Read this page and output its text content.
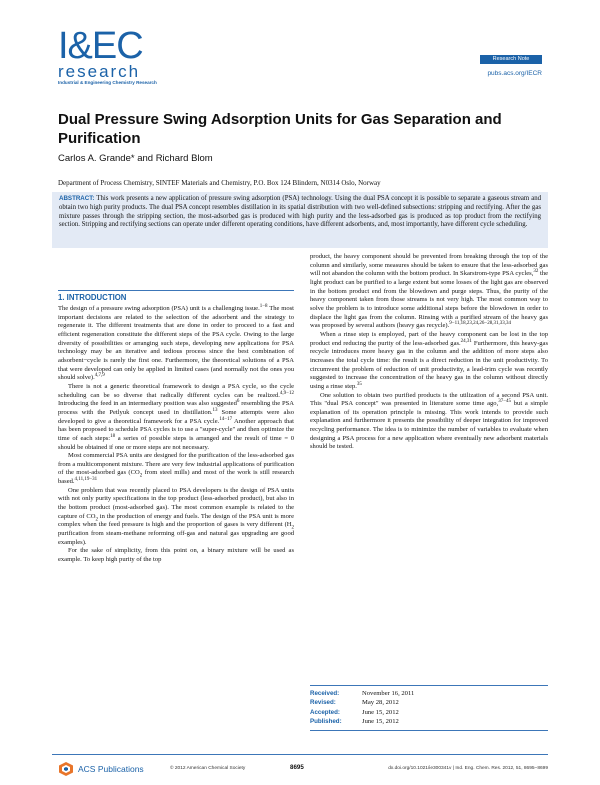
I&EC
research
Industrial & Engineering Chemistry Research
Research Note
pubs.acs.org/IECR
Dual Pressure Swing Adsorption Units for Gas Separation and Purification
Carlos A. Grande* and Richard Blom
Department of Process Chemistry, SINTEF Materials and Chemistry, P.O. Box 124 Blindern, N0314 Oslo, Norway
ABSTRACT: This work presents a new application of pressure swing adsorption (PSA) technology. Using the dual PSA concept it is possible to separate a gaseous stream and obtain two high purity products. The dual PSA concept resembles distillation in its spatial distribution with two well-defined subsections: stripping and rectifying. After the gas mixture passes through the stripping section, the most-adsorbed gas is produced with high purity and the less-adsorbed gas is produced as top product from the rectifying section. Stripping and rectifying sections can operate under different operating conditions, have different adsorbents, and, most importantly, have different cycle scheduling.
1. INTRODUCTION

The design of a pressure swing adsorption (PSA) unit is a challenging issue.$^{1-8}$ The most important decisions are related to the selection of the adsorbent and the strategy to regenerate it. The different treatments that are done in order to proceed to a fast and efficient regeneration constitute the different steps of the PSA cycle. Owing to the large diversity of possibilities or arranging such steps, developing new applications for PSA technology may be an iterative and tedious process since the best combination of adsorbent−cycle is rarely the first one. Furthermore, the theoretical solutions of a PSA that were developed can only be applied in limited cases (and normally not the ones you should solve).$^{4,7,9}$

There is not a generic theoretical framework to design a PSA cycle, so the cycle scheduling can be so diverse that radically different cycles can be realized.$^{4,9-12}$ Introducing the feed in an intermediary position was also suggested$^6$ resembling the PSA process with the Petlyuk concept used in distillation.$^{13}$ Some attempts were also developed to give a theoretical framework for a PSA cycle.$^{14-17}$ Another approach that has been proposed to schedule PSA cycles is to use a "super-cycle" and then optimize the time of each steps:$^{18}$ a series of possible steps is arranged and the result of time = 0 should be obtained if one or more steps are not necessary.

Most commercial PSA units are designed for the purification of the less-adsorbed gas from a multicomponent mixture. There are very few industrial applications of purification of the most-adsorbed gas ($CO_2$ from steel mills) and most of the work is still research based.$^{4,11,19-31}$

One problem that was recently placed to PSA developers is the design of PSA units with not only purity specifications in the top product (less-adsorbed product), but also in the bottom product (most-adsorbed gas). The most common example is related to the capture of $CO_2$ in the production of energy and fuels. The design of the PSA unit is more complex when the feed pressure is high and the proportion of gases is very different ($H_2$ purification from steam-methane reforming off-gas and natural gas upgrading are good examples).

For the sake of simplicity, from this point on, a binary mixture will be used as example. To keep high purity of the top

product, the heavy component should be prevented from breaking through the top of the column and similarly, some measures should be taken to ensure that the less-adsorbed gas will not abandon the column with the bottom product. In Skarstrom-type PSA cycles,$^{32}$ the light product can be purified to a large extent but some losses of the light gas are observed in the bottom product end from the blowdown and purge steps. Thus, the purity of the heavy component taken from those streams is not very high. The most common way to solve the problem is to introduce some additional steps before the blowdown in order to displace the light gas from the column. Rinsing with a purified stream of the heavy gas was proposed by several authors (heavy gas recycle).$^{9-11,18,23,24,26-28,31,33,34}$

When a rinse step is employed, part of the heavy component can be lost in the top product end reducing the purity of the less-adsorbed gas.$^{24,31}$ Furthermore, this heavy-gas recycle introduces more heavy gas in the column and the addition of more steps also increases the total cycle time: the result is a direct reduction in the unit productivity. To circumvent the problem of reduction of unit productivity, a lead-trim cycle was recently suggested to increase the concentration of the heavy gas in the column without directly using a rinse step.$^{35}$

One solution to obtain two purified products is the utilization of a second PSA unit. This "dual PSA concept" was presented in literature some time ago,$^{37-45}$ but a simple explanation of its operation principle is missing. This work intends to provide such explanation and furthermore it presents the possibility of deeper integration for improved recycling performance. The idea is to minimize the number of variables to evaluate when designing a PSA process for a new application where eventually new adsorbent materials should be tested.

Received:	November 16, 2011
Revised:	May 28, 2012
Accepted:	June 15, 2012
Published:	June 15, 2012
ACS Publications	© 2012 American Chemical Society	8695	dx.doi.org/10.1021/ie300341v | Ind. Eng. Chem. Res. 2012, 51, 8695−8699
